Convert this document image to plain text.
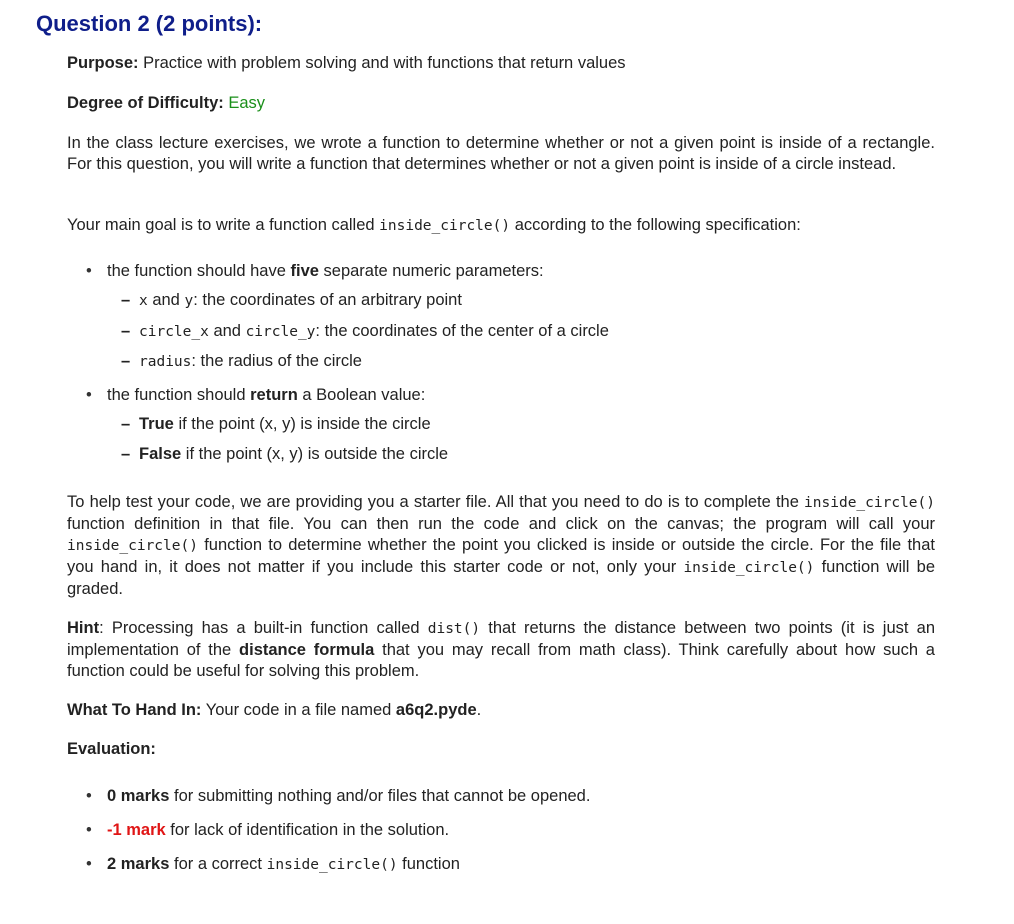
Question 2 (2 points):

Purpose: Practice with problem solving and with functions that return values

Degree of Difficulty: Easy

In the class lecture exercises, we wrote a function to determine whether or not a given point is inside of a rectangle. For this question, you will write a function that determines whether or not a given point is inside of a circle instead.

Your main goal is to write a function called inside_circle() according to the following specification:

• the function should have five separate numeric parameters:
– x and y: the coordinates of an arbitrary point
– circle_x and circle_y: the coordinates of the center of a circle
– radius: the radius of the circle
• the function should return a Boolean value:
– True if the point (x, y) is inside the circle
– False if the point (x, y) is outside the circle

To help test your code, we are providing you a starter file. All that you need to do is to complete the inside_circle() function definition in that file. You can then run the code and click on the canvas; the program will call your inside_circle() function to determine whether the point you clicked is inside or outside the circle. For the file that you hand in, it does not matter if you include this starter code or not, only your inside_circle() function will be graded.

Hint: Processing has a built-in function called dist() that returns the distance between two points (it is just an implementation of the distance formula that you may recall from math class). Think carefully about how such a function could be useful for solving this problem.

What To Hand In: Your code in a file named a6q2.pyde.

Evaluation:

• 0 marks for submitting nothing and/or files that cannot be opened.
• -1 mark for lack of identification in the solution.
• 2 marks for a correct inside_circle() function
